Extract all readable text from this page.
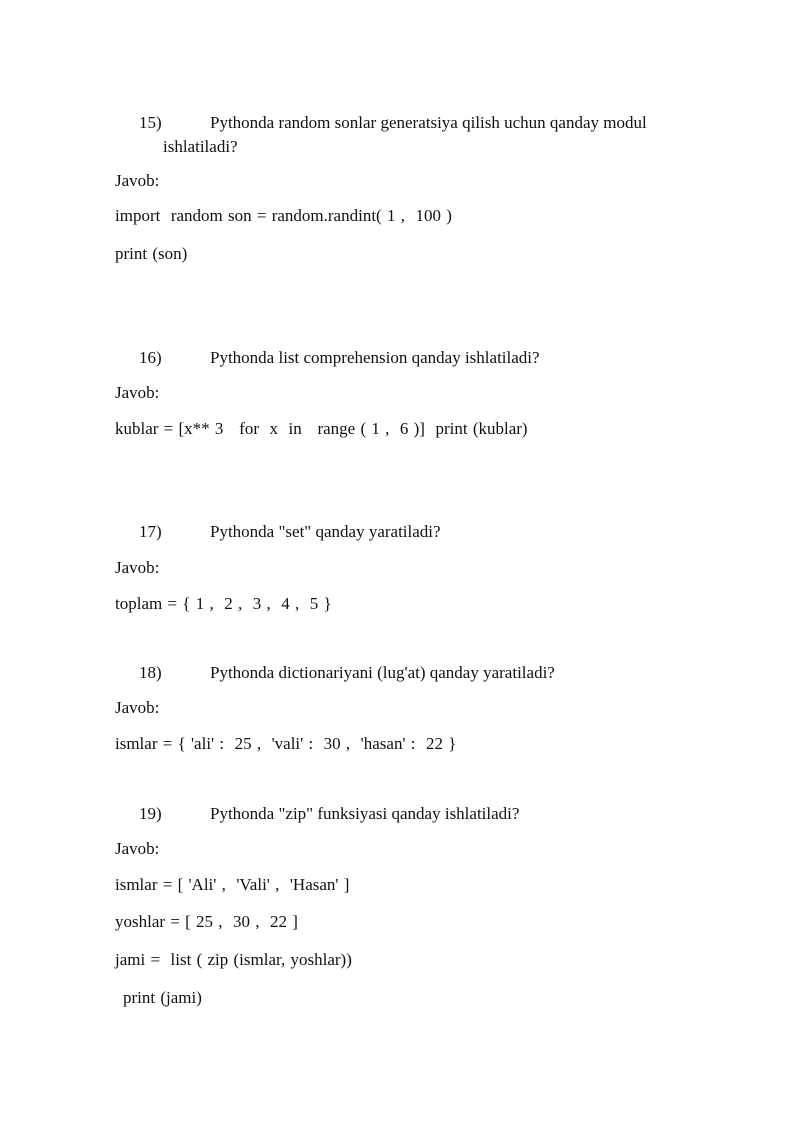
15)	Pythonda random sonlar generatsiya qilish uchun qanday modul
ishlatiladi?
Javob:
import  random son = random.randint( 1 ,  100 )
print (son)
16)	Pythonda list comprehension qanday ishlatiladi?
Javob:
kublar = [x** 3   for  x  in   range ( 1 ,  6 )]  print (kublar)
17)	Pythonda "set" qanday yaratiladi?
Javob:
toplam = { 1 ,  2 ,  3 ,  4 ,  5 }
18)	Pythonda dictionariyani (lug'at) qanday yaratiladi?
Javob:
ismlar = { 'ali' :  25 ,  'vali' :  30 ,  'hasan' :  22 }
19)	Pythonda "zip" funksiyasi qanday ishlatiladi?
Javob:
ismlar = [ 'Ali' ,  'Vali' ,  'Hasan' ]
yoshlar = [ 25 ,  30 ,  22 ]
jami =  list ( zip (ismlar, yoshlar))
print (jami)
